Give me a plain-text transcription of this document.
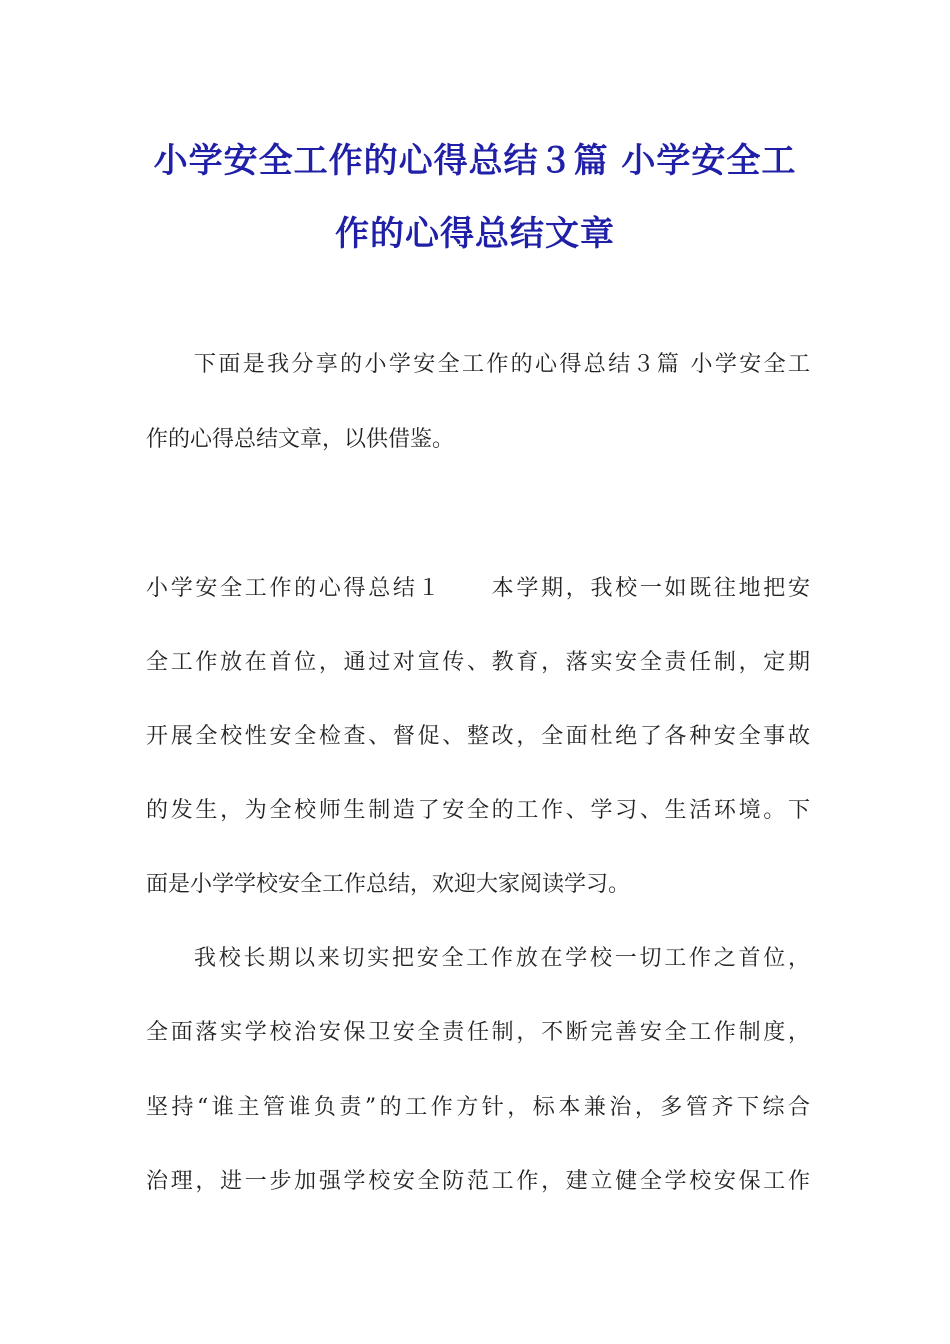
小学安全工作的心得总结３篇 小学安全工
作的心得总结文章
下面是我分享的小学安全工作的心得总结３篇 小学安全工
作的心得总结文章，以供借鉴。
小学安全工作的心得总结１　　本学期，我校一如既往地把安
全工作放在首位，通过对宣传、教育，落实安全责任制，定期
开展全校性安全检查、督促、整改，全面杜绝了各种安全事故
的发生，为全校师生制造了安全的工作、学习、生活环境。下
面是小学学校安全工作总结，欢迎大家阅读学习。
我校长期以来切实把安全工作放在学校一切工作之首位，
全面落实学校治安保卫安全责任制，不断完善安全工作制度，
坚持“谁主管谁负责”的工作方针，标本兼治，多管齐下综合
治理，进一步加强学校安全防范工作，建立健全学校安保工作
